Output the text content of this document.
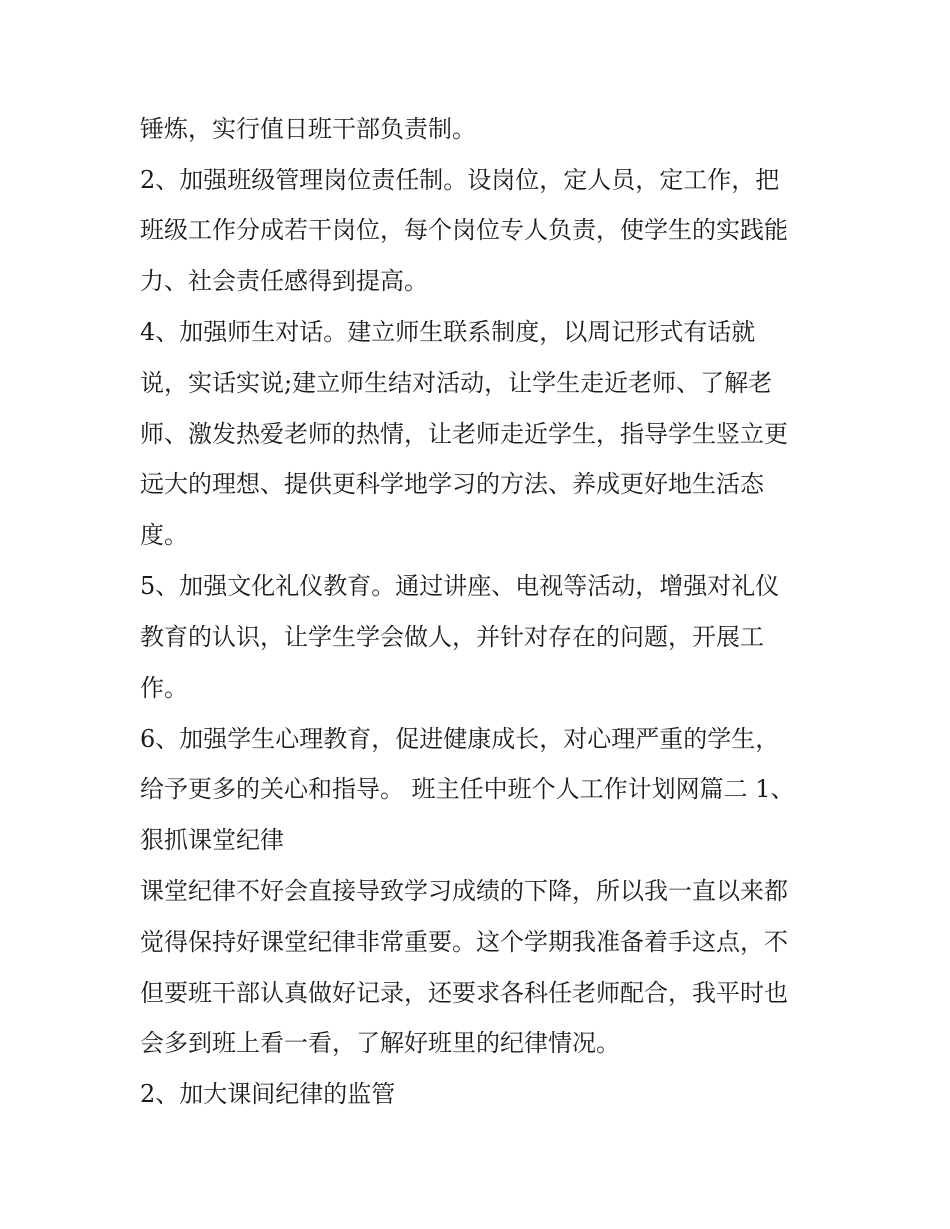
锤炼，实行值日班干部负责制。
2、加强班级管理岗位责任制。设岗位，定人员，定工作，把
班级工作分成若干岗位，每个岗位专人负责，使学生的实践能
力、社会责任感得到提高。
4、加强师生对话。建立师生联系制度，以周记形式有话就
说，实话实说;建立师生结对活动，让学生走近老师、了解老
师、激发热爱老师的热情，让老师走近学生，指导学生竖立更
远大的理想、提供更科学地学习的方法、养成更好地生活态
度。
5、加强文化礼仪教育。通过讲座、电视等活动，增强对礼仪
教育的认识，让学生学会做人，并针对存在的问题，开展工
作。
6、加强学生心理教育，促进健康成长，对心理严重的学生，
给予更多的关心和指导。 班主任中班个人工作计划网篇二 1、
狠抓课堂纪律
课堂纪律不好会直接导致学习成绩的下降，所以我一直以来都
觉得保持好课堂纪律非常重要。这个学期我准备着手这点，不
但要班干部认真做好记录，还要求各科任老师配合，我平时也
会多到班上看一看，了解好班里的纪律情况。
2、加大课间纪律的监管
